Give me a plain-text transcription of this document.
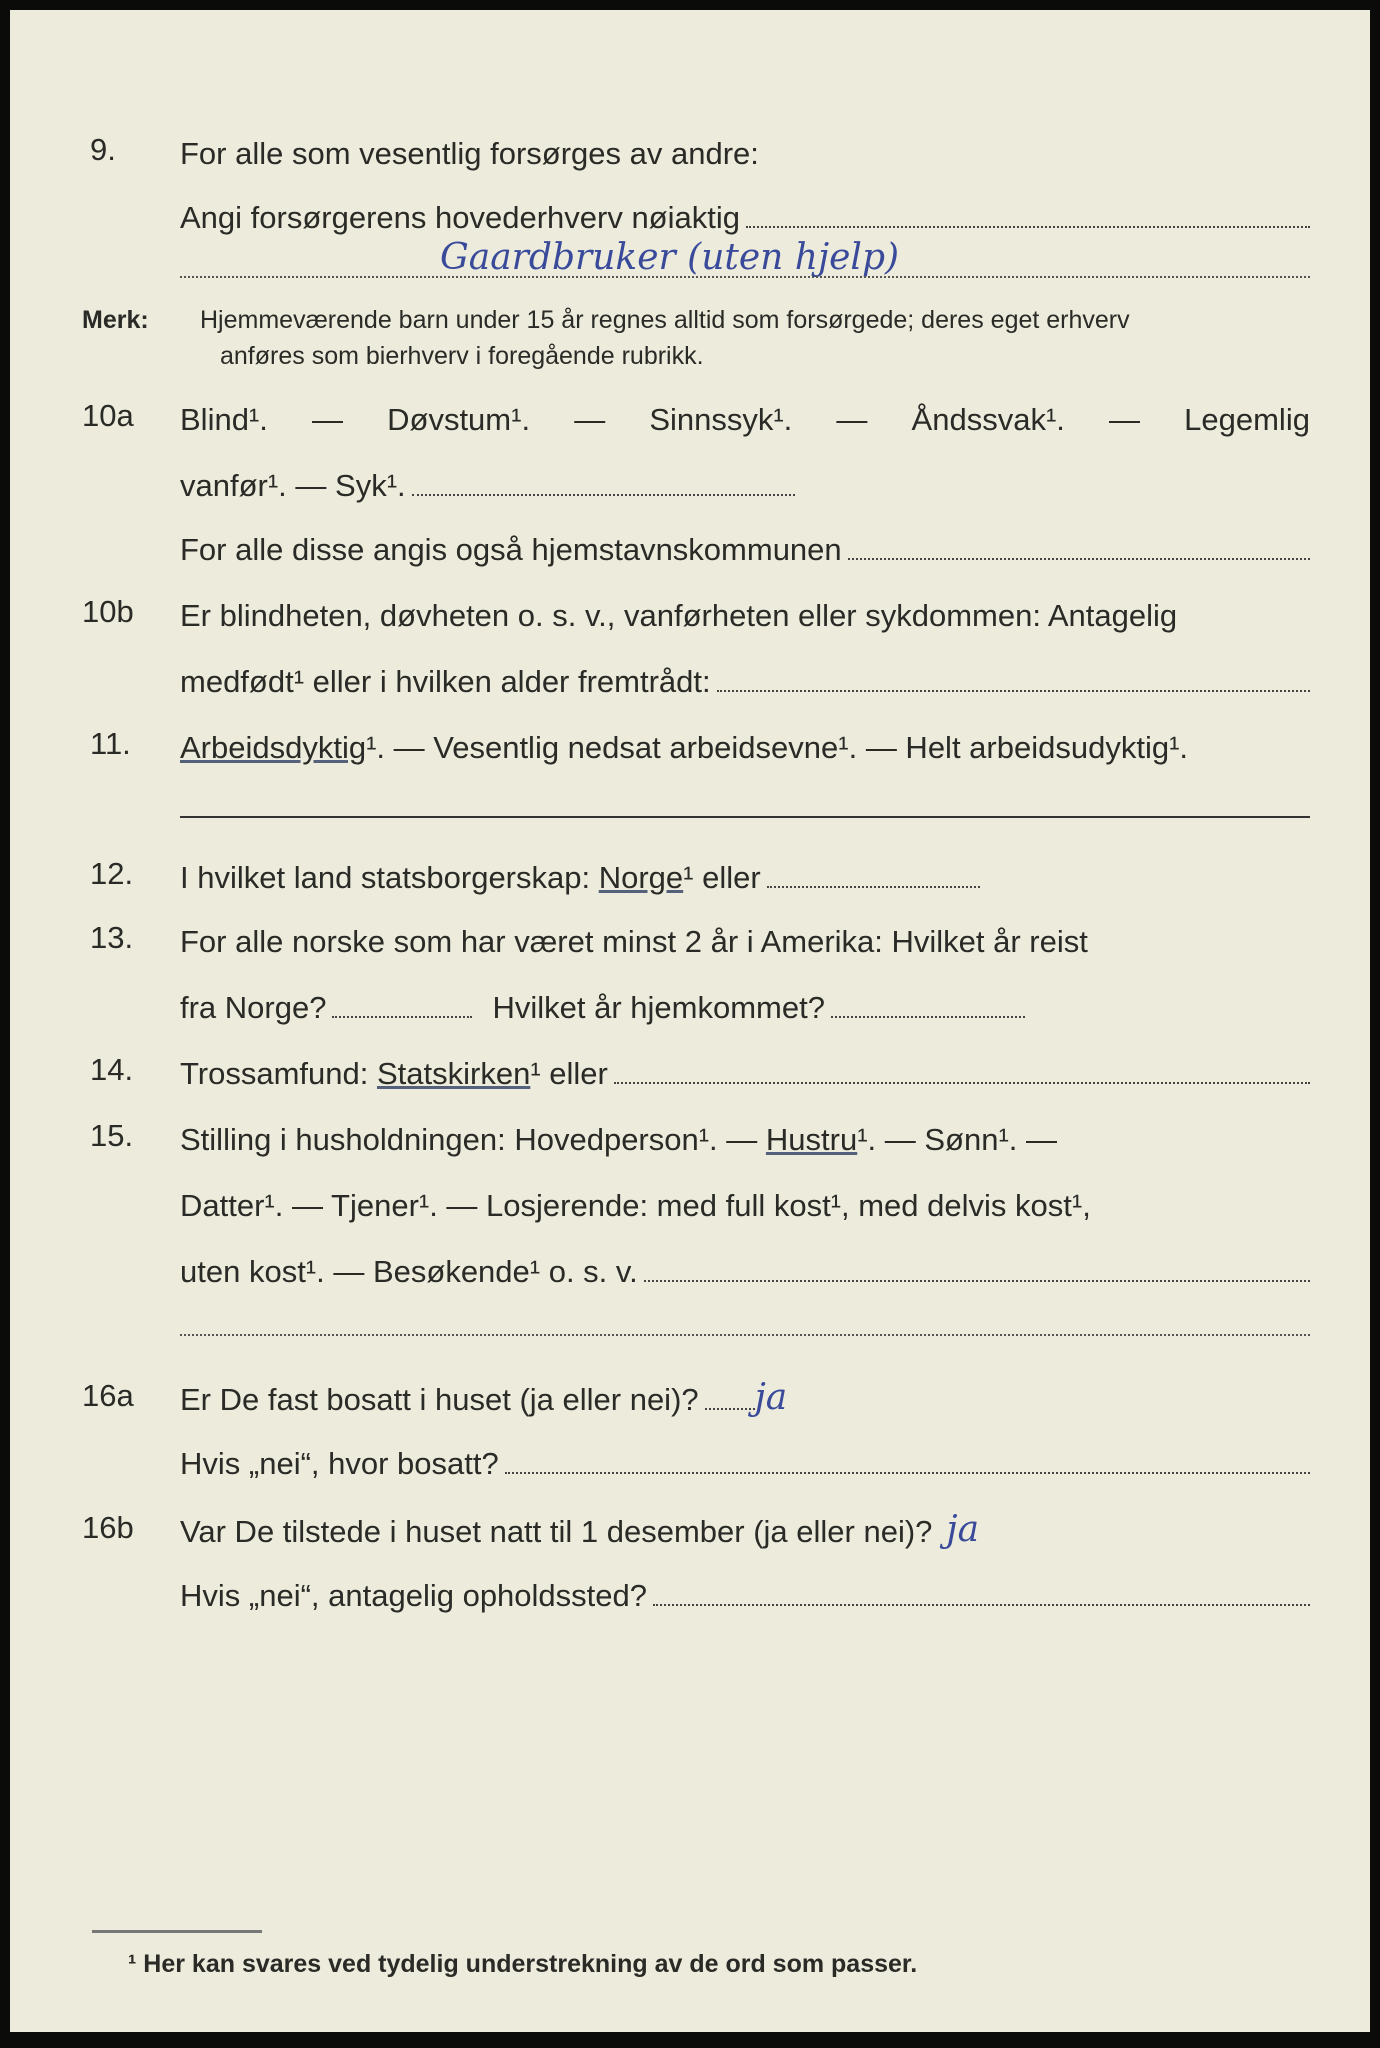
9. For alle som vesentlig forsørges av andre:
Angi forsørgerens hovederhverv nøiaktig
Gaardbruker (uten hjelp)
Merk: Hjemmeværende barn under 15 år regnes alltid som forsørgede; deres eget erhverv
anføres som bierhverv i foregående rubrikk.
10a Blind¹. — Døvstum¹. — Sinnssyk¹. — Åndssvak¹. — Legemlig
vanfør¹. — Syk¹.
For alle disse angis også hjemstavnskommunen
10b Er blindheten, døvheten o. s. v., vanførheten eller sykdommen: Antagelig
medfødt¹ eller i hvilken alder fremtrådt:
11. Arbeidsdyktig ¹. — Vesentlig nedsat arbeidsevne¹. — Helt arbeidsudyktig¹.
12. I hvilket land statsborgerskap: Norge ¹ eller
13. For alle norske som har været minst 2 år i Amerika: Hvilket år reist
fra Norge?	Hvilket år hjemkommet?
14. Trossamfund: Statskirken ¹ eller
15. Stilling i husholdningen: Hovedperson¹. — Hustru ¹. — Sønn¹. —
Datter¹. — Tjener¹. — Losjerende: med full kost¹, med delvis kost¹,
uten kost¹. — Besøkende¹ o. s. v.
16a Er De fast bosatt i huset (ja eller nei)? ja
Hvis „nei“, hvor bosatt?
16b Var De tilstede i huset natt til 1 desember (ja eller nei)? ja
Hvis „nei“, antagelig opholdssted?
¹ Her kan svares ved tydelig understrekning av de ord som passer.
